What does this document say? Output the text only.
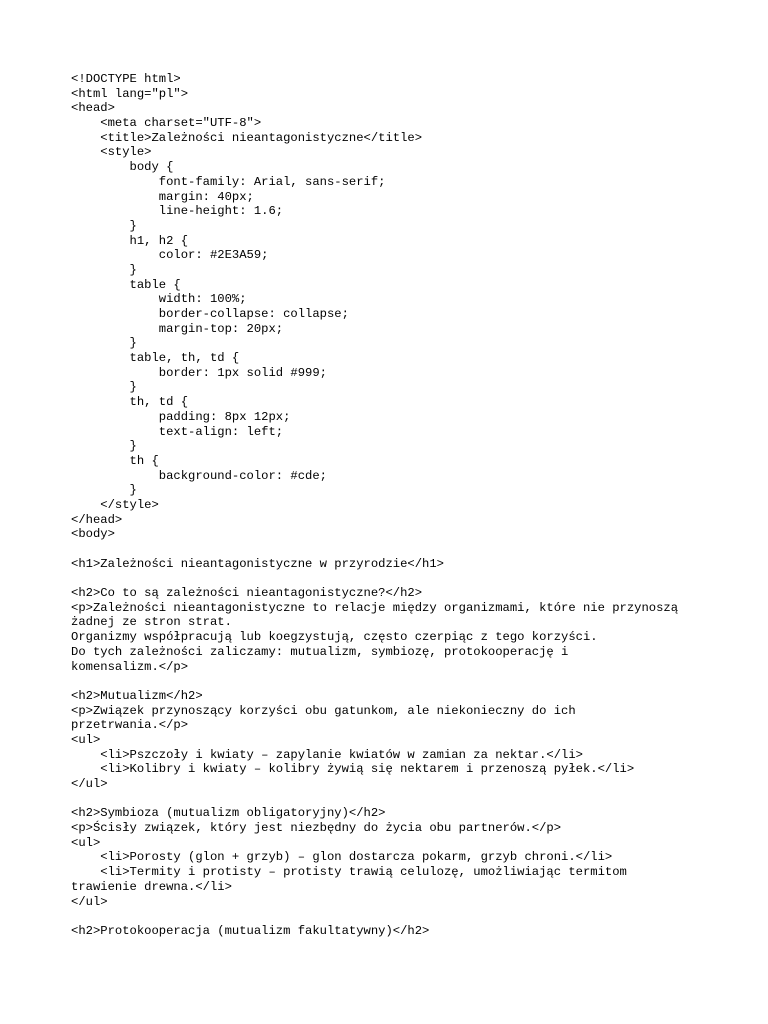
<!DOCTYPE html>
<html lang="pl">
<head>
<meta charset="UTF-8">
<title>Zależności nieantagonistyczne</title>
<style>
body {
font-family: Arial, sans-serif;
margin: 40px;
line-height: 1.6;
}
h1, h2 {
color: #2E3A59;
}
table {
width: 100%;
border-collapse: collapse;
margin-top: 20px;
}
table, th, td {
border: 1px solid #999;
}
th, td {
padding: 8px 12px;
text-align: left;
}
th {
background-color: #cde;
}
</style>
</head>
<body>
<h1>Zależności nieantagonistyczne w przyrodzie</h1>
<h2>Co to są zależności nieantagonistyczne?</h2>
<p>Zależności nieantagonistyczne to relacje między organizmami, które nie przynoszą
żadnej ze stron strat.
Organizmy współpracują lub koegzystują, często czerpiąc z tego korzyści.
Do tych zależności zaliczamy: mutualizm, symbiozę, protokooperację i
komensalizm.</p>
<h2>Mutualizm</h2>
<p>Związek przynoszący korzyści obu gatunkom, ale niekonieczny do ich
przetrwania.</p>
<ul>
<li>Pszczoły i kwiaty – zapylanie kwiatów w zamian za nektar.</li>
<li>Kolibry i kwiaty – kolibry żywią się nektarem i przenoszą pyłek.</li>
</ul>
<h2>Symbioza (mutualizm obligatoryjny)</h2>
<p>Ścisły związek, który jest niezbędny do życia obu partnerów.</p>
<ul>
<li>Porosty (glon + grzyb) – glon dostarcza pokarm, grzyb chroni.</li>
<li>Termity i protisty – protisty trawią celulozę, umożliwiając termitom
trawienie drewna.</li>
</ul>
<h2>Protokooperacja (mutualizm fakultatywny)</h2>
